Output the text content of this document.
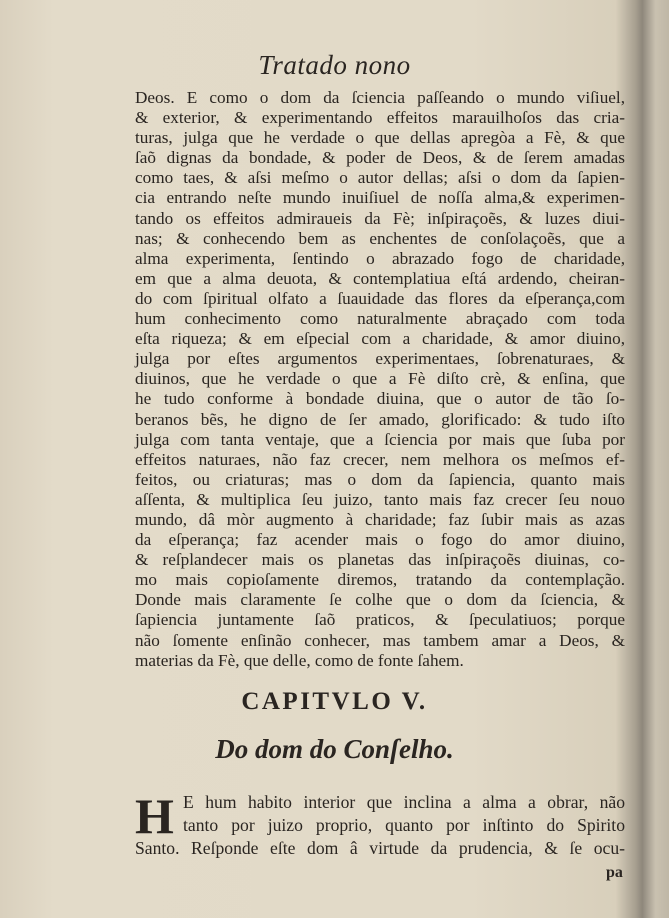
Tratado nono
Deos. E como o dom da ſciencia paſſeando o mundo viſiuel,
& exterior, & experimentando effeitos marauilhoſos das cria-
turas, julga que he verdade o que dellas apregòa a Fè, & que
ſaõ dignas da bondade, & poder de Deos, & de ſerem amadas
como taes, & aſsi meſmo o autor dellas; aſsi o dom da ſapien-
cia entrando neſte mundo inuiſiuel de noſſa alma,& experimen-
tando os effeitos admiraueis da Fè; inſpiraçoẽs, & luzes diui-
nas; & conhecendo bem as enchentes de conſolaçoẽs, que a
alma experimenta, ſentindo o abrazado fogo de charidade,
em que a alma deuota, & contemplatiua eſtá ardendo, cheiran-
do com ſpiritual olfato a ſuauidade das flores da eſperança,com
hum conhecimento como naturalmente abraçado com toda
eſta riqueza; & em eſpecial com a charidade, & amor diuino,
julga por eſtes argumentos experimentaes, ſobrenaturaes, &
diuinos, que he verdade o que a Fè diſto crè, & enſina, que
he tudo conforme à bondade diuina, que o autor de tão ſo-
beranos bẽs, he digno de ſer amado, glorificado: & tudo iſto
julga com tanta ventaje, que a ſciencia por mais que ſuba por
effeitos naturaes, não faz crecer, nem melhora os meſmos ef-
feitos, ou criaturas; mas o dom da ſapiencia, quanto mais
aſſenta, & multiplica ſeu juizo, tanto mais faz crecer ſeu nouo
mundo, dâ mòr augmento à charidade; faz ſubir mais as azas
da eſperança; faz acender mais o fogo do amor diuino,
& reſplandecer mais os planetas das inſpiraçoẽs diuinas, co-
mo mais copioſamente diremos, tratando da contemplação.
Donde mais claramente ſe colhe que o dom da ſciencia, &
ſapiencia juntamente ſaõ praticos, & ſpeculatiuos; porque
não ſomente enſinão conhecer, mas tambem amar a Deos, &
materias da Fè, que delle, como de fonte ſahem.
CAPITVLO V.
Do dom do Conſelho.
H E hum habito interior que inclina a alma a obrar, não
tanto por juizo proprio, quanto por inſtinto do Spirito
Santo. Reſponde eſte dom â virtude da prudencia, & ſe ocu-
pa
